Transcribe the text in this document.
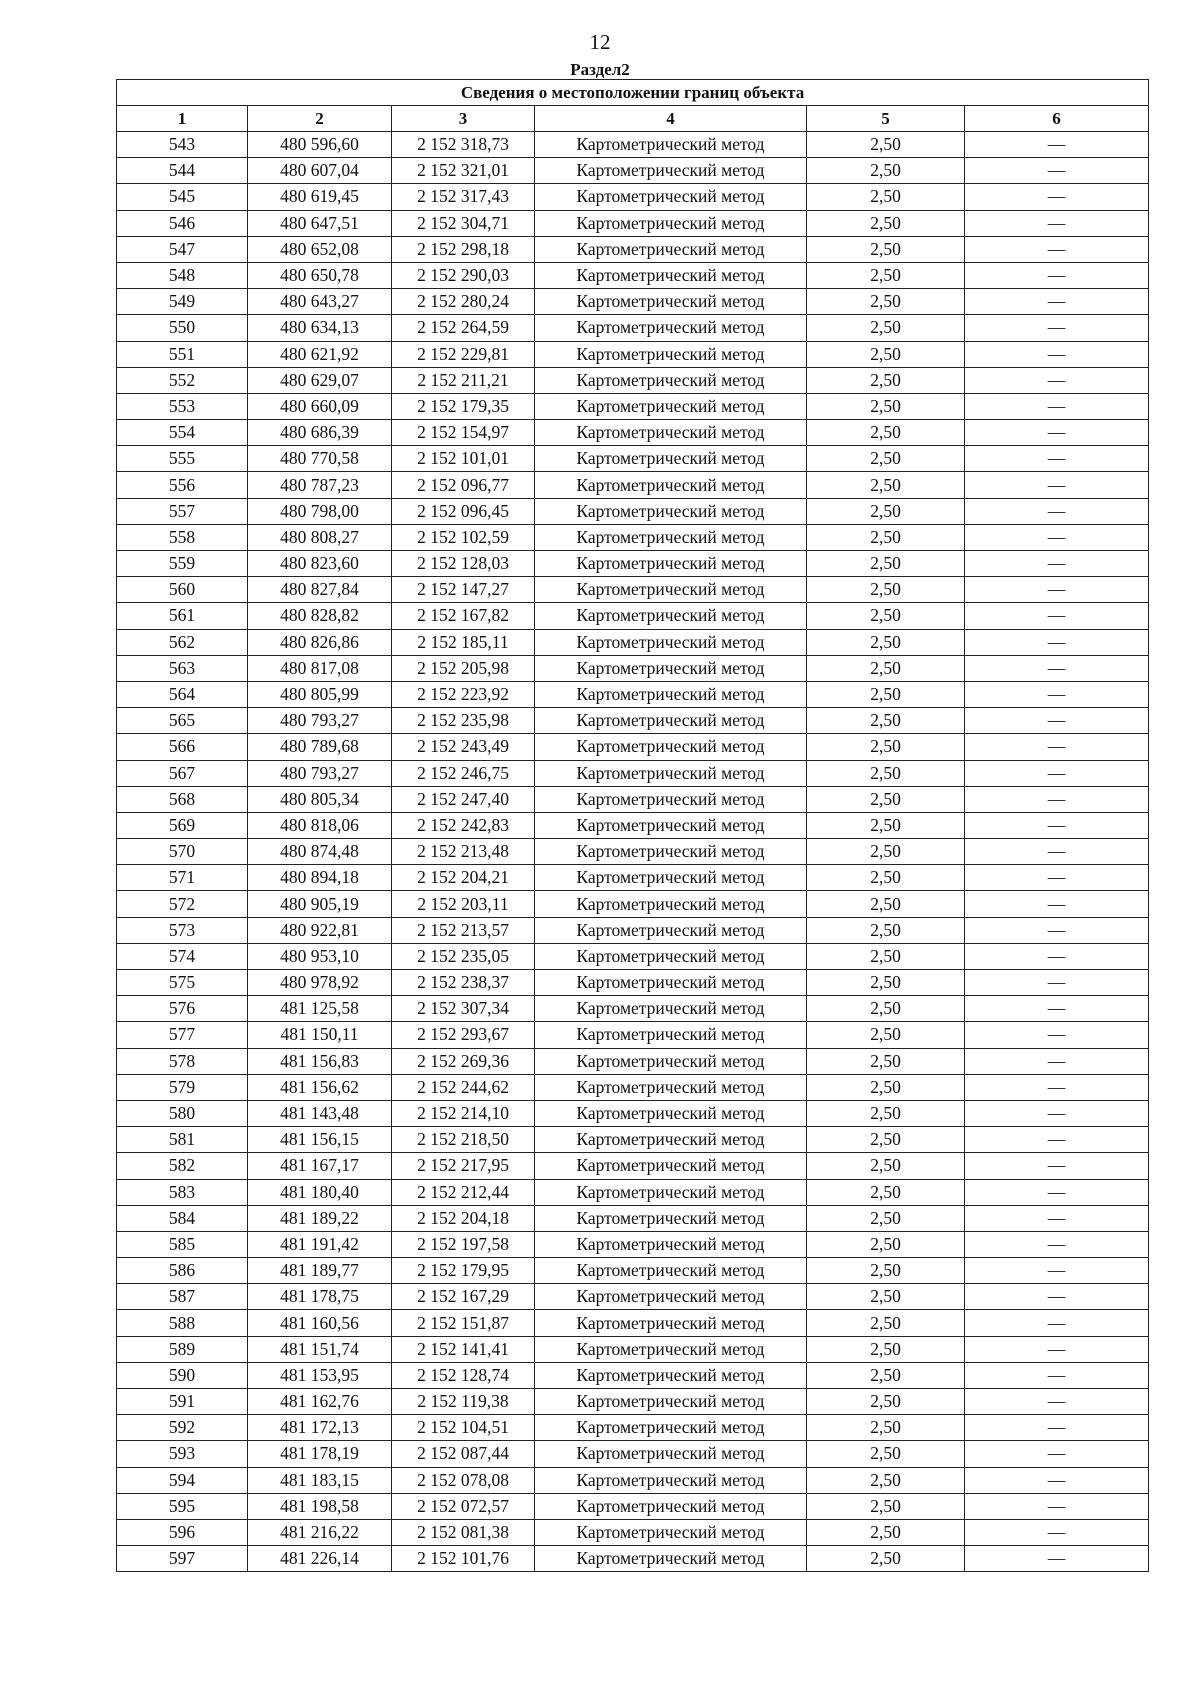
12
Раздел2
Сведения о местоположении границ объекта					
1	2	3	4	5	6
543	480 596,60	2 152 318,73	Картометрический метод	2,50	—
544	480 607,04	2 152 321,01	Картометрический метод	2,50	—
545	480 619,45	2 152 317,43	Картометрический метод	2,50	—
546	480 647,51	2 152 304,71	Картометрический метод	2,50	—
547	480 652,08	2 152 298,18	Картометрический метод	2,50	—
548	480 650,78	2 152 290,03	Картометрический метод	2,50	—
549	480 643,27	2 152 280,24	Картометрический метод	2,50	—
550	480 634,13	2 152 264,59	Картометрический метод	2,50	—
551	480 621,92	2 152 229,81	Картометрический метод	2,50	—
552	480 629,07	2 152 211,21	Картометрический метод	2,50	—
553	480 660,09	2 152 179,35	Картометрический метод	2,50	—
554	480 686,39	2 152 154,97	Картометрический метод	2,50	—
555	480 770,58	2 152 101,01	Картометрический метод	2,50	—
556	480 787,23	2 152 096,77	Картометрический метод	2,50	—
557	480 798,00	2 152 096,45	Картометрический метод	2,50	—
558	480 808,27	2 152 102,59	Картометрический метод	2,50	—
559	480 823,60	2 152 128,03	Картометрический метод	2,50	—
560	480 827,84	2 152 147,27	Картометрический метод	2,50	—
561	480 828,82	2 152 167,82	Картометрический метод	2,50	—
562	480 826,86	2 152 185,11	Картометрический метод	2,50	—
563	480 817,08	2 152 205,98	Картометрический метод	2,50	—
564	480 805,99	2 152 223,92	Картометрический метод	2,50	—
565	480 793,27	2 152 235,98	Картометрический метод	2,50	—
566	480 789,68	2 152 243,49	Картометрический метод	2,50	—
567	480 793,27	2 152 246,75	Картометрический метод	2,50	—
568	480 805,34	2 152 247,40	Картометрический метод	2,50	—
569	480 818,06	2 152 242,83	Картометрический метод	2,50	—
570	480 874,48	2 152 213,48	Картометрический метод	2,50	—
571	480 894,18	2 152 204,21	Картометрический метод	2,50	—
572	480 905,19	2 152 203,11	Картометрический метод	2,50	—
573	480 922,81	2 152 213,57	Картометрический метод	2,50	—
574	480 953,10	2 152 235,05	Картометрический метод	2,50	—
575	480 978,92	2 152 238,37	Картометрический метод	2,50	—
576	481 125,58	2 152 307,34	Картометрический метод	2,50	—
577	481 150,11	2 152 293,67	Картометрический метод	2,50	—
578	481 156,83	2 152 269,36	Картометрический метод	2,50	—
579	481 156,62	2 152 244,62	Картометрический метод	2,50	—
580	481 143,48	2 152 214,10	Картометрический метод	2,50	—
581	481 156,15	2 152 218,50	Картометрический метод	2,50	—
582	481 167,17	2 152 217,95	Картометрический метод	2,50	—
583	481 180,40	2 152 212,44	Картометрический метод	2,50	—
584	481 189,22	2 152 204,18	Картометрический метод	2,50	—
585	481 191,42	2 152 197,58	Картометрический метод	2,50	—
586	481 189,77	2 152 179,95	Картометрический метод	2,50	—
587	481 178,75	2 152 167,29	Картометрический метод	2,50	—
588	481 160,56	2 152 151,87	Картометрический метод	2,50	—
589	481 151,74	2 152 141,41	Картометрический метод	2,50	—
590	481 153,95	2 152 128,74	Картометрический метод	2,50	—
591	481 162,76	2 152 119,38	Картометрический метод	2,50	—
592	481 172,13	2 152 104,51	Картометрический метод	2,50	—
593	481 178,19	2 152 087,44	Картометрический метод	2,50	—
594	481 183,15	2 152 078,08	Картометрический метод	2,50	—
595	481 198,58	2 152 072,57	Картометрический метод	2,50	—
596	481 216,22	2 152 081,38	Картометрический метод	2,50	—
597	481 226,14	2 152 101,76	Картометрический метод	2,50	—
